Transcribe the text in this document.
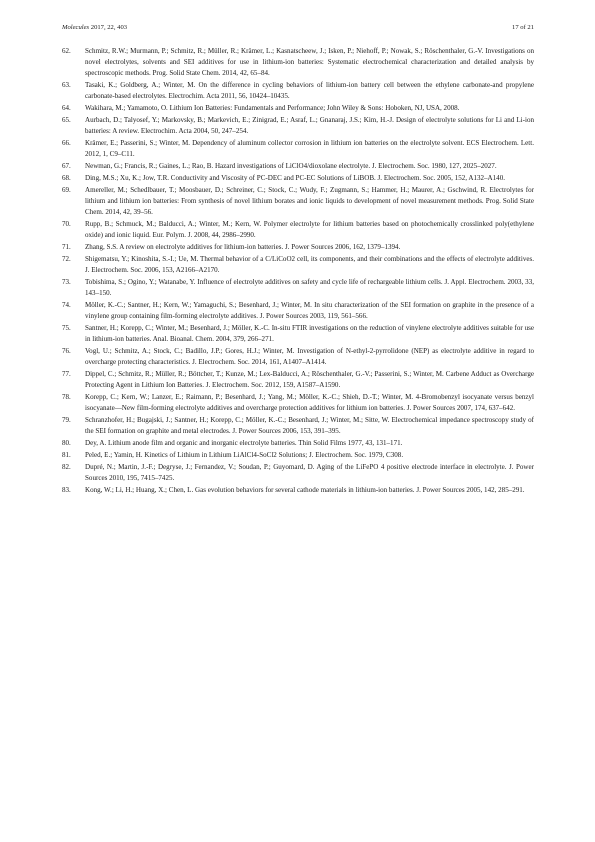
Molecules 2017, 22, 403	17 of 21
62.	Schmitz, R.W.; Murmann, P.; Schmitz, R.; Müller, R.; Krämer, L.; Kasnatscheew, J.; Isken, P.; Niehoff, P.; Nowak, S.; Röschenthaler, G.-V. Investigations on novel electrolytes, solvents and SEI additives for use in lithium-ion batteries: Systematic electrochemical characterization and detailed analysis by spectroscopic methods. Prog. Solid State Chem. 2014, 42, 65–84.
63.	Tasaki, K.; Goldberg, A.; Winter, M. On the difference in cycling behaviors of lithium-ion battery cell between the ethylene carbonate-and propylene carbonate-based electrolytes. Electrochim. Acta 2011, 56, 10424–10435.
64.	Wakihara, M.; Yamamoto, O. Lithium Ion Batteries: Fundamentals and Performance; John Wiley & Sons: Hoboken, NJ, USA, 2008.
65.	Aurbach, D.; Talyosef, Y.; Markovsky, B.; Markevich, E.; Zinigrad, E.; Asraf, L.; Gnanaraj, J.S.; Kim, H.-J. Design of electrolyte solutions for Li and Li-ion batteries: A review. Electrochim. Acta 2004, 50, 247–254.
66.	Krämer, E.; Passerini, S.; Winter, M. Dependency of aluminum collector corrosion in lithium ion batteries on the electrolyte solvent. ECS Electrochem. Lett. 2012, 1, C9–C11.
67.	Newman, G.; Francis, R.; Gaines, L.; Rao, B. Hazard investigations of LiClO4/dioxolane electrolyte. J. Electrochem. Soc. 1980, 127, 2025–2027.
68.	Ding, M.S.; Xu, K.; Jow, T.R. Conductivity and Viscosity of PC-DEC and PC-EC Solutions of LiBOB. J. Electrochem. Soc. 2005, 152, A132–A140.
69.	Amereller, M.; Schedlbauer, T.; Moosbauer, D.; Schreiner, C.; Stock, C.; Wudy, F.; Zugmann, S.; Hammer, H.; Maurer, A.; Gschwind, R. Electrolytes for lithium and lithium ion batteries: From synthesis of novel lithium borates and ionic liquids to development of novel measurement methods. Prog. Solid State Chem. 2014, 42, 39–56.
70.	Rupp, B.; Schmuck, M.; Balducci, A.; Winter, M.; Kern, W. Polymer electrolyte for lithium batteries based on photochemically crosslinked poly(ethylene oxide) and ionic liquid. Eur. Polym. J. 2008, 44, 2986–2990.
71.	Zhang, S.S. A review on electrolyte additives for lithium-ion batteries. J. Power Sources 2006, 162, 1379–1394.
72.	Shigematsu, Y.; Kinoshita, S.-I.; Ue, M. Thermal behavior of a C/LiCoO2 cell, its components, and their combinations and the effects of electrolyte additives. J. Electrochem. Soc. 2006, 153, A2166–A2170.
73.	Tobishima, S.; Ogino, Y.; Watanabe, Y. Influence of electrolyte additives on safety and cycle life of rechargeable lithium cells. J. Appl. Electrochem. 2003, 33, 143–150.
74.	Möller, K.-C.; Santner, H.; Kern, W.; Yamaguchi, S.; Besenhard, J.; Winter, M. In situ characterization of the SEI formation on graphite in the presence of a vinylene group containing film-forming electrolyte additives. J. Power Sources 2003, 119, 561–566.
75.	Santner, H.; Korepp, C.; Winter, M.; Besenhard, J.; Möller, K.-C. In-situ FTIR investigations on the reduction of vinylene electrolyte additives suitable for use in lithium-ion batteries. Anal. Bioanal. Chem. 2004, 379, 266–271.
76.	Vogl, U.; Schmitz, A.; Stock, C.; Badillo, J.P.; Gores, H.J.; Winter, M. Investigation of N-ethyl-2-pyrrolidone (NEP) as electrolyte additive in regard to overcharge protecting characteristics. J. Electrochem. Soc. 2014, 161, A1407–A1414.
77.	Dippel, C.; Schmitz, R.; Müller, R.; Böttcher, T.; Kunze, M.; Lex-Balducci, A.; Röschenthaler, G.-V.; Passerini, S.; Winter, M. Carbene Adduct as Overcharge Protecting Agent in Lithium Ion Batteries. J. Electrochem. Soc. 2012, 159, A1587–A1590.
78.	Korepp, C.; Kern, W.; Lanzer, E.; Raimann, P.; Besenhard, J.; Yang, M.; Möller, K.-C.; Shieh, D.-T.; Winter, M. 4-Bromobenzyl isocyanate versus benzyl isocyanate—New film-forming electrolyte additives and overcharge protection additives for lithium ion batteries. J. Power Sources 2007, 174, 637–642.
79.	Schranzhofer, H.; Bugajski, J.; Santner, H.; Korepp, C.; Möller, K.-C.; Besenhard, J.; Winter, M.; Sitte, W. Electrochemical impedance spectroscopy study of the SEI formation on graphite and metal electrodes. J. Power Sources 2006, 153, 391–395.
80.	Dey, A. Lithium anode film and organic and inorganic electrolyte batteries. Thin Solid Films 1977, 43, 131–171.
81.	Peled, E.; Yamin, H. Kinetics of Lithium in Lithium LiAlCl4-SoCl2 Solutions; J. Electrochem. Soc. 1979, C308.
82.	Dupré, N.; Martin, J.-F.; Degryse, J.; Fernandez, V.; Soudan, P.; Guyomard, D. Aging of the LiFePO 4 positive electrode interface in electrolyte. J. Power Sources 2010, 195, 7415–7425.
83.	Kong, W.; Li, H.; Huang, X.; Chen, L. Gas evolution behaviors for several cathode materials in lithium-ion batteries. J. Power Sources 2005, 142, 285–291.
